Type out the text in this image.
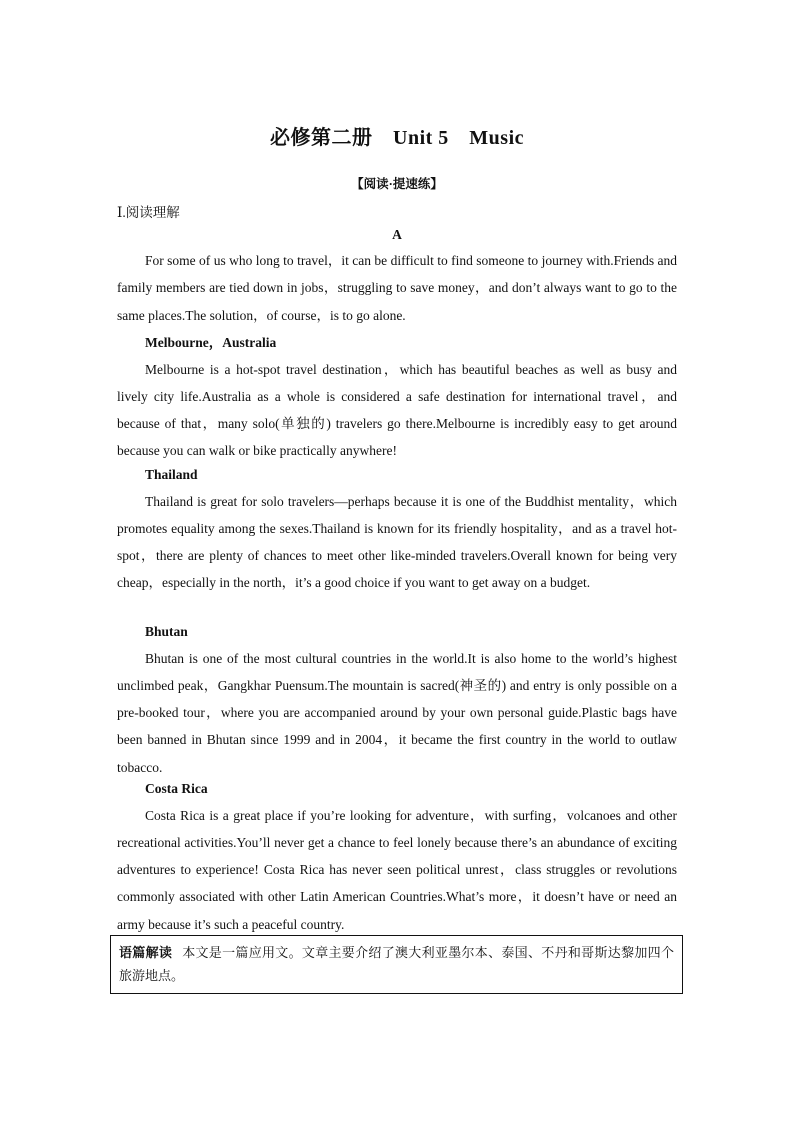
必修第二册　Unit 5　Music
【阅读·提速练】
Ⅰ.阅读理解
A

For some of us who long to travel，it can be difficult to find someone to journey with.Friends and family members are tied down in jobs，struggling to save money，and don’t always want to go to the same places.The solution，of course，is to go alone.

Melbourne，Australia

Melbourne is a hot-spot travel destination，which has beautiful beaches as well as busy and lively city life.Australia as a whole is considered a safe destination for international travel，and because of that，many solo(单独的) travelers go there.Melbourne is incredibly easy to get around because you can walk or bike practically anywhere!

Thailand

Thailand is great for solo travelers—perhaps because it is one of the Buddhist mentality，which promotes equality among the sexes.Thailand is known for its friendly hospitality，and as a travel hot-spot，there are plenty of chances to meet other like-minded travelers.Overall known for being very cheap，especially in the north，it’s a good choice if you want to get away on a budget.

Bhutan

Bhutan is one of the most cultural countries in the world.It is also home to the world’s highest unclimbed peak，Gangkhar Puensum.The mountain is sacred(神圣的) and entry is only possible on a pre-booked tour，where you are accompanied around by your own personal guide.Plastic bags have been banned in Bhutan since 1999 and in 2004，it became the first country in the world to outlaw tobacco.

Costa Rica

Costa Rica is a great place if you’re looking for adventure，with surfing，volcanoes and other recreational activities.You’ll never get a chance to feel lonely because there’s an abundance of exciting adventures to experience! Costa Rica has never seen political unrest，class struggles or revolutions commonly associated with other Latin American Countries.What’s more，it doesn’t have or need an army because it’s such a peaceful country.

语篇解读 本文是一篇应用文。文章主要介绍了澳大利亚墨尔本、泰国、不丹和哥斯达黎加四个旅游地点。
